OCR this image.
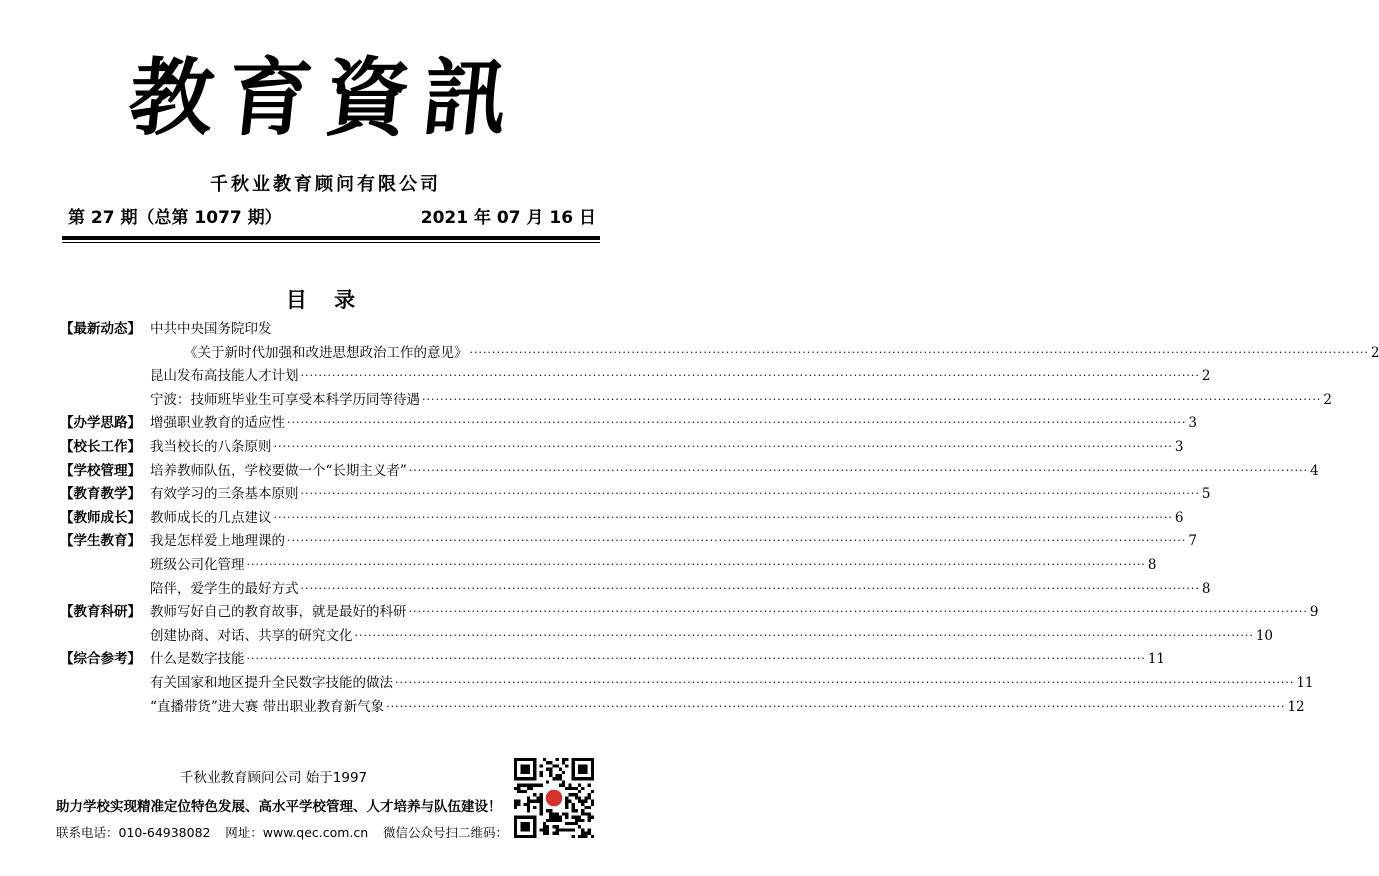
教育資訊
千秋业教育顾问有限公司
第 27 期（总第 1077 期）	2021 年 07 月 16 日
目 录
【最新动态】 中共中央国务院印发
《关于新时代加强和改进思想政治工作的意见》 ········································································································································································································ 2
昆山发布高技能人才计划 ········································································································································································································ 2
宁波：技师班毕业生可享受本科学历同等待遇 ········································································································································································································ 2
【办学思路】 增强职业教育的适应性 ········································································································································································································ 3
【校长工作】 我当校长的八条原则 ········································································································································································································ 3
【学校管理】 培养教师队伍，学校要做一个“长期主义者” ········································································································································································································ 4
【教育教学】 有效学习的三条基本原则 ········································································································································································································ 5
【教师成长】 教师成长的几点建议 ········································································································································································································ 6
【学生教育】 我是怎样爱上地理课的 ········································································································································································································ 7
班级公司化管理 ········································································································································································································ 8
陪伴，爱学生的最好方式 ········································································································································································································ 8
【教育科研】 教师写好自己的教育故事，就是最好的科研 ········································································································································································································ 9
创建协商、对话、共享的研究文化 ········································································································································································································ 10
【综合参考】 什么是数字技能 ········································································································································································································ 11
有关国家和地区提升全民数字技能的做法 ········································································································································································································ 11
“直播带货”进大赛 带出职业教育新气象 ········································································································································································································ 12
千秋业教育顾问公司 始于1997
助力学校实现精准定位特色发展、高水平学校管理、人才培养与队伍建设！
联系电话：010-64938082 网址：www.qec.com.cn 微信公众号扫二维码：
